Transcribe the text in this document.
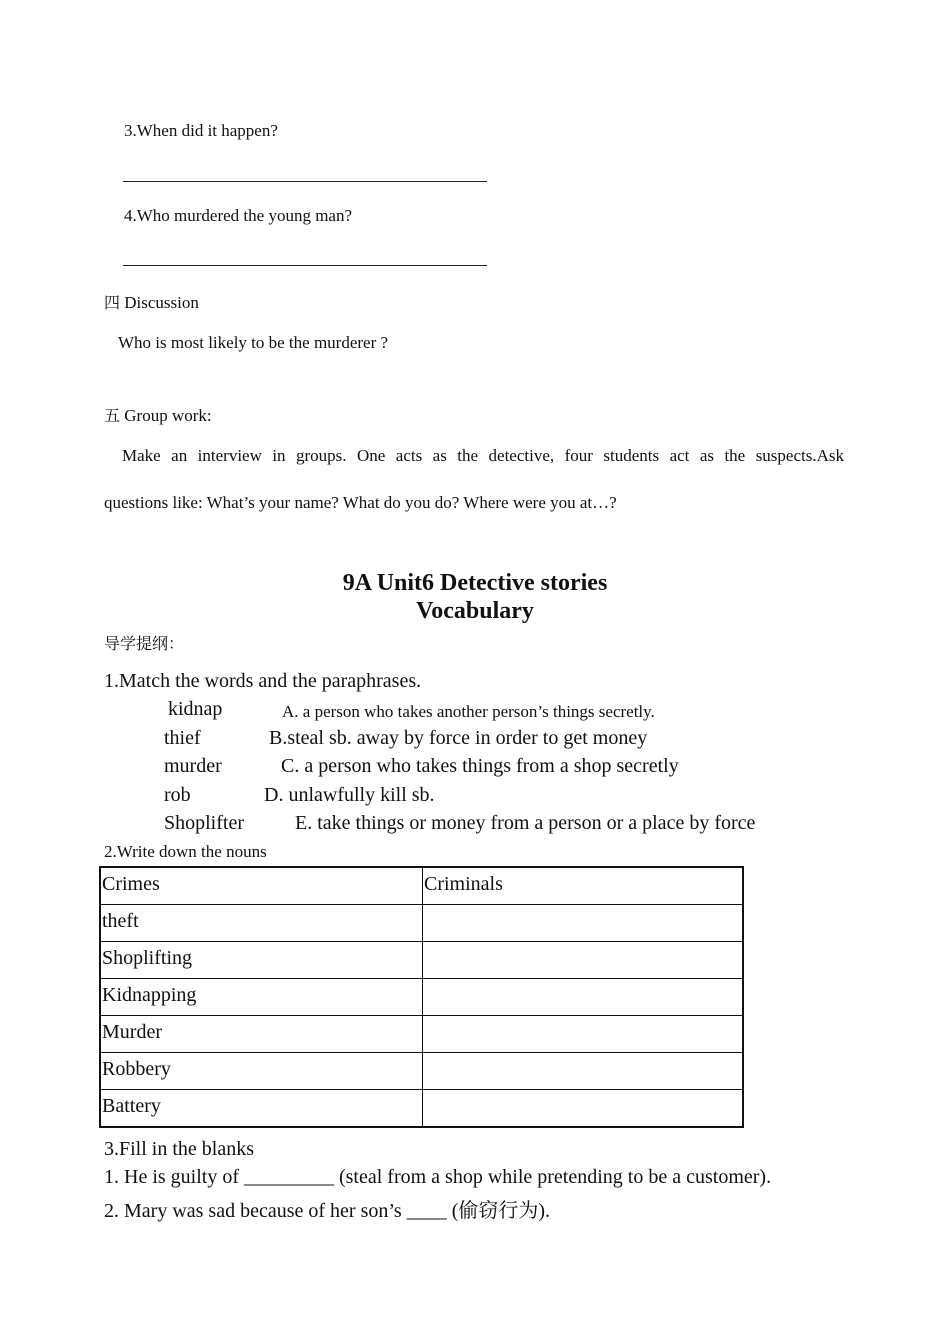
3.When did it happen?
4.Who murdered the young man?
四 Discussion
Who is most likely to be the murderer ?
五 Group work:
Make an interview in groups. One acts as the detective, four students act as the suspects.Ask
questions like: What’s your name? What do you do? Where were you at…?
9A Unit6 Detective stories
Vocabulary
导学提纲：
1.Match the words and the paraphrases.
kidnap	A. a person who takes another person’s things secretly.
thief	B.steal sb. away by force in order to get money
murder	C. a person who takes things from a shop secretly
rob	D. unlawfully kill sb.
Shoplifter	E. take things or money from a person or a place by force
2.Write down the nouns
Crimes	Criminals
theft	
Shoplifting	
Kidnapping	
Murder	
Robbery	
Battery	
3.Fill in the blanks
1. He is guilty of _________ (steal from a shop while pretending to be a customer).
2. Mary was sad because of her son’s ____ (偷窃行为).
